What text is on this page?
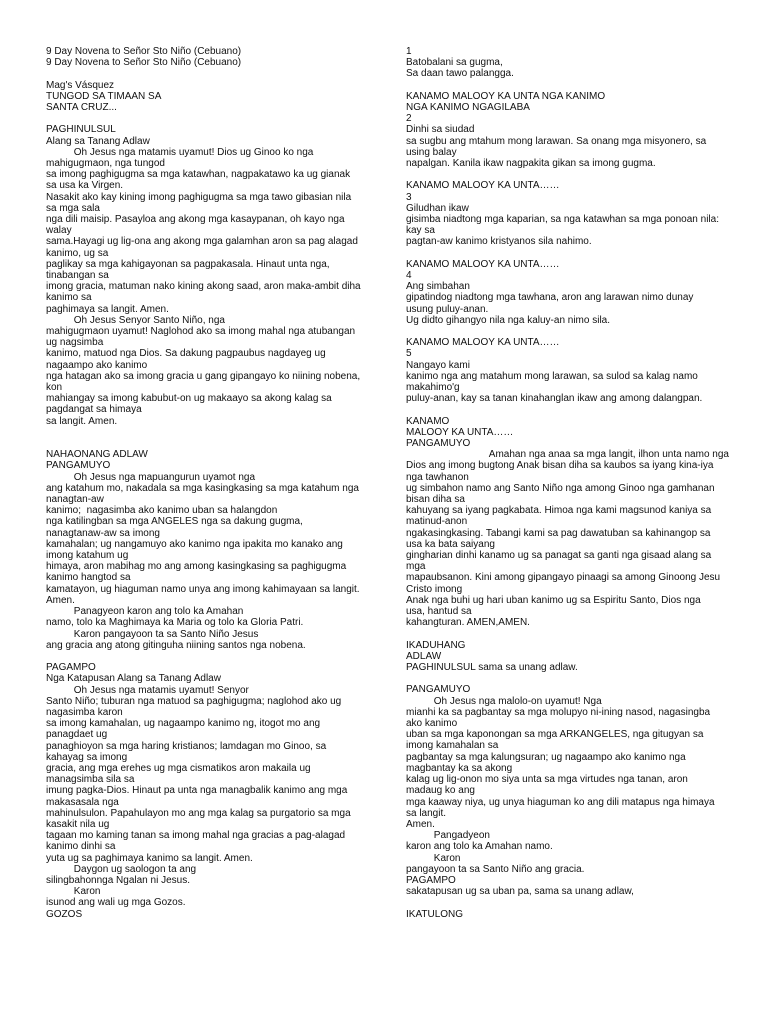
9 Day Novena to Señor Sto Niño (Cebuano)
9 Day Novena to Señor Sto Niño (Cebuano)
Mag's Vásquez
TUNGOD SA TIMAAN SA
SANTA CRUZ...
PAGHINULSUL
Alang sa Tanang Adlaw
Oh Jesus nga matamis uyamut! Dios ug Ginoo ko nga
mahigugmaon, nga tungod
sa imong paghigugma sa mga katawhan, nagpakatawo ka ug gianak
sa usa ka Virgen.
Nasakit ako kay kining imong paghigugma sa mga tawo gibasian nila
sa mga sala
nga dili maisip. Pasayloa ang akong mga kasaypanan, oh kayo nga
walay
sama.Hayagi ug lig-ona ang akong mga galamhan aron sa pag alagad
kanimo, ug sa
paglikay sa mga kahigayonan sa pagpakasala. Hinaut unta nga,
tinabangan sa
imong gracia, matuman nako kining akong saad, aron maka-ambit diha
kanimo sa
paghimaya sa langit. Amen.
Oh Jesus Senyor Santo Niño, nga
mahigugmaon uyamut! Naglohod ako sa imong mahal nga atubangan
ug nagsimba
kanimo, matuod nga Dios. Sa dakung pagpaubus nagdayeg ug
nagaampo ako kanimo
nga hatagan ako sa imong gracia u gang gipangayo ko niining nobena,
kon
mahiangay sa imong kabubut-on ug makaayo sa akong kalag sa
pagdangat sa himaya
sa langit. Amen.
NAHAONANG ADLAW
PANGAMUYO
Oh Jesus nga mapuangurun uyamot nga
ang katahum mo, nakadala sa mga kasingkasing sa mga katahum nga
nanagtan-aw
kanimo;  nagasimba ako kanimo uban sa halangdon
nga katilingban sa mga ANGELES nga sa dakung gugma,
nanagtanaw-aw sa imong
kamahalan; ug nangamuyo ako kanimo nga ipakita mo kanako ang
imong katahum ug
himaya, aron mabihag mo ang among kasingkasing sa paghigugma
kanimo hangtod sa
kamatayon, ug hiaguman namo unya ang imong kahimayaan sa langit.
Amen.
Panagyeon karon ang tolo ka Amahan
namo, tolo ka Maghimaya ka Maria og tolo ka Gloria Patri.
Karon pangayoon ta sa Santo Niño Jesus
ang gracia ang atong gitinguha niining santos nga nobena.
PAGAMPO
Nga Katapusan Alang sa Tanang Adlaw
Oh Jesus nga matamis uyamut! Senyor
Santo Niño; tuburan nga matuod sa paghigugma; naglohod ako ug
nagasimba karon
sa imong kamahalan, ug nagaampo kanimo ng, itogot mo ang
panagdaet ug
panaghioyon sa mga haring kristianos; lamdagan mo Ginoo, sa
kahayag sa imong
gracia, ang mga erehes ug mga cismatikos aron makaila ug
managsimba sila sa
imung pagka-Dios. Hinaut pa unta nga managbalik kanimo ang mga
makasasala nga
mahinulsulon. Papahulayon mo ang mga kalag sa purgatorio sa mga
kasakit nila ug
tagaan mo kaming tanan sa imong mahal nga gracias a pag-alagad
kanimo dinhi sa
yuta ug sa paghimaya kanimo sa langit. Amen.
Daygon ug saologon ta ang
silingbahonnga Ngalan ni Jesus.
Karon
isunod ang wali ug mga Gozos.
GOZOS
1
Batobalani sa gugma,
Sa daan tawo palangga.
KANAMO MALOOY KA UNTA NGA KANIMO
NGA KANIMO NGAGILABA
2
Dinhi sa siudad
sa sugbu ang mtahum mong larawan. Sa onang mga misyonero, sa
using balay
napalgan. Kanila ikaw nagpakita gikan sa imong gugma.
KANAMO MALOOY KA UNTA……
3
Giludhan ikaw
gisimba niadtong mga kaparian, sa nga katawhan sa mga ponoan nila:
kay sa
pagtan-aw kanimo kristyanos sila nahimo.
KANAMO MALOOY KA UNTA……
4
Ang simbahan
gipatindog niadtong mga tawhana, aron ang larawan nimo dunay
usung puluy-anan.
Ug didto gihangyo nila nga kaluy-an nimo sila.
KANAMO MALOOY KA UNTA……
5
Nangayo kami
kanimo nga ang matahum mong larawan, sa sulod sa kalag namo
makahimo'g
puluy-anan, kay sa tanan kinahanglan ikaw ang among dalangpan.
KANAMO
MALOOY KA UNTA……
PANGAMUYO
Amahan nga anaa sa mga langit, ilhon unta namo nga
Dios ang imong bugtong Anak bisan diha sa kaubos sa iyang kina-iya
nga tawhanon
ug simbahon namo ang Santo Niño nga among Ginoo nga gamhanan
bisan diha sa
kahuyang sa iyang pagkabata. Himoa nga kami magsunod kaniya sa
matinud-anon
ngakasingkasing. Tabangi kami sa pag dawatuban sa kahinangop sa
usa ka bata saiyang
gingharian dinhi kanamo ug sa panagat sa ganti nga gisaad alang sa
mga
mapaubsanon. Kini among gipangayo pinaagi sa among Ginoong Jesu
Cristo imong
Anak nga buhi ug hari uban kanimo ug sa Espiritu Santo, Dios nga
usa, hantud sa
kahangturan. AMEN,AMEN.
IKADUHANG
ADLAW
PAGHINULSUL sama sa unang adlaw.
PANGAMUYO
Oh Jesus nga malolo-on uyamut! Nga
mianhi ka sa pagbantay sa mga molupyo ni-ining nasod, nagasingba
ako kanimo
uban sa mga kaponongan sa mga ARKANGELES, nga gitugyan sa
imong kamahalan sa
pagbantay sa mga kalungsuran; ug nagaampo ako kanimo nga
magbantay ka sa akong
kalag ug lig-onon mo siya unta sa mga virtudes nga tanan, aron
madaug ko ang
mga kaaway niya, ug unya hiaguman ko ang dili matapus nga himaya
sa langit.
Amen.
Pangadyeon
karon ang tolo ka Amahan namo.
Karon
pangayoon ta sa Santo Niño ang gracia.
PAGAMPO
sakatapusan ug sa uban pa, sama sa unang adlaw,
IKATULONG
